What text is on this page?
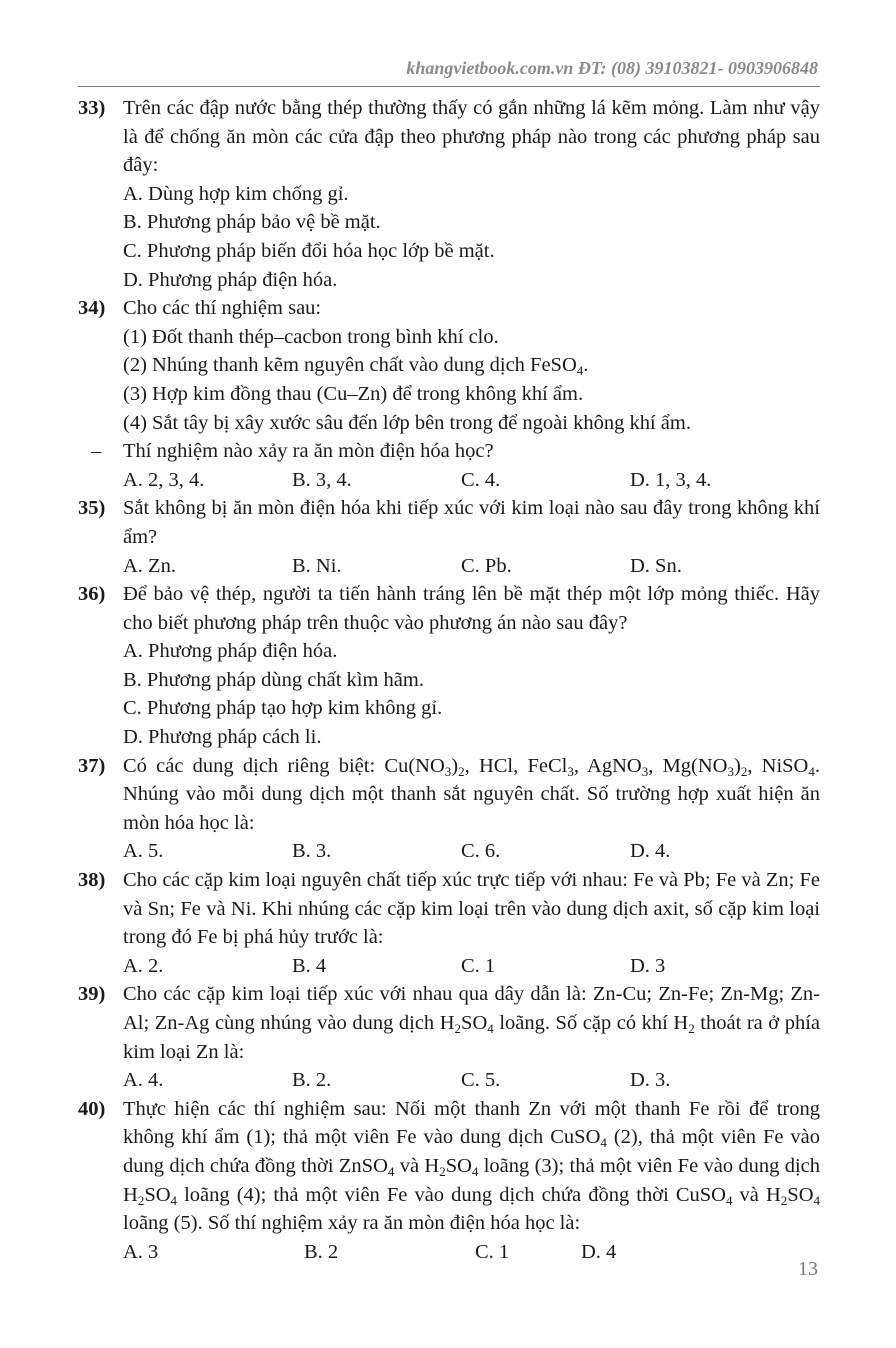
khangvietbook.com.vn ĐT: (08) 39103821- 0903906848
33) Trên các đập nước bằng thép thường thấy có gắn những lá kẽm mỏng. Làm như vậy là để chống ăn mòn các cửa đập theo phương pháp nào trong các phương pháp sau đây:
A. Dùng hợp kim chống gỉ.
B. Phương pháp bảo vệ bề mặt.
C. Phương pháp biến đổi hóa học lớp bề mặt.
D. Phương pháp điện hóa.
34) Cho các thí nghiệm sau:
(1) Đốt thanh thép–cacbon trong bình khí clo.
(2) Nhúng thanh kẽm nguyên chất vào dung dịch FeSO$_4$.
(3) Hợp kim đồng thau (Cu–Zn) để trong không khí ẩm.
(4) Sắt tây bị xây xước sâu đến lớp bên trong để ngoài không khí ẩm.
– Thí nghiệm nào xảy ra ăn mòn điện hóa học?
A. 2, 3, 4.	B. 3, 4.	C. 4.	D. 1, 3, 4.
35) Sắt không bị ăn mòn điện hóa khi tiếp xúc với kim loại nào sau đây trong không khí ẩm?
A. Zn.	B. Ni.	C. Pb.	D. Sn.
36) Để bảo vệ thép, người ta tiến hành tráng lên bề mặt thép một lớp mỏng thiếc. Hãy cho biết phương pháp trên thuộc vào phương án nào sau đây?
A. Phương pháp điện hóa.
B. Phương pháp dùng chất kìm hãm.
C. Phương pháp tạo hợp kim không gỉ.
D. Phương pháp cách li.
37) Có các dung dịch riêng biệt: $Cu(NO_3)_2$, HCl, FeCl$_3$, AgNO$_3$, $Mg(NO_3)_2$, NiSO$_4$. Nhúng vào mỗi dung dịch một thanh sắt nguyên chất. Số trường hợp xuất hiện ăn mòn hóa học là:
A. 5.	B. 3.	C. 6.	D. 4.
38) Cho các cặp kim loại nguyên chất tiếp xúc trực tiếp với nhau: Fe và Pb; Fe và Zn; Fe và Sn; Fe và Ni. Khi nhúng các cặp kim loại trên vào dung dịch axit, số cặp kim loại trong đó Fe bị phá hủy trước là:
A. 2.	B. 4	C. 1	D. 3
39) Cho các cặp kim loại tiếp xúc với nhau qua dây dẫn là: Zn-Cu; Zn-Fe; Zn-Mg; Zn-Al; Zn-Ag cùng nhúng vào dung dịch $H_2SO_4$ loãng. Số cặp có khí $H_2$ thoát ra ở phía kim loại Zn là:
A. 4.	B. 2.	C. 5.	D. 3.
40) Thực hiện các thí nghiệm sau: Nối một thanh Zn với một thanh Fe rồi để trong không khí ẩm (1); thả một viên Fe vào dung dịch CuSO$_4$ (2), thả một viên Fe vào dung dịch chứa đồng thời ZnSO$_4$ và $H_2SO_4$ loãng (3); thả một viên Fe vào dung dịch $H_2SO_4$ loãng (4); thả một viên Fe vào dung dịch chứa đồng thời CuSO$_4$ và $H_2SO_4$ loãng (5). Số thí nghiệm xảy ra ăn mòn điện hóa học là:
A. 3	B. 2	C. 1	D. 4
13
